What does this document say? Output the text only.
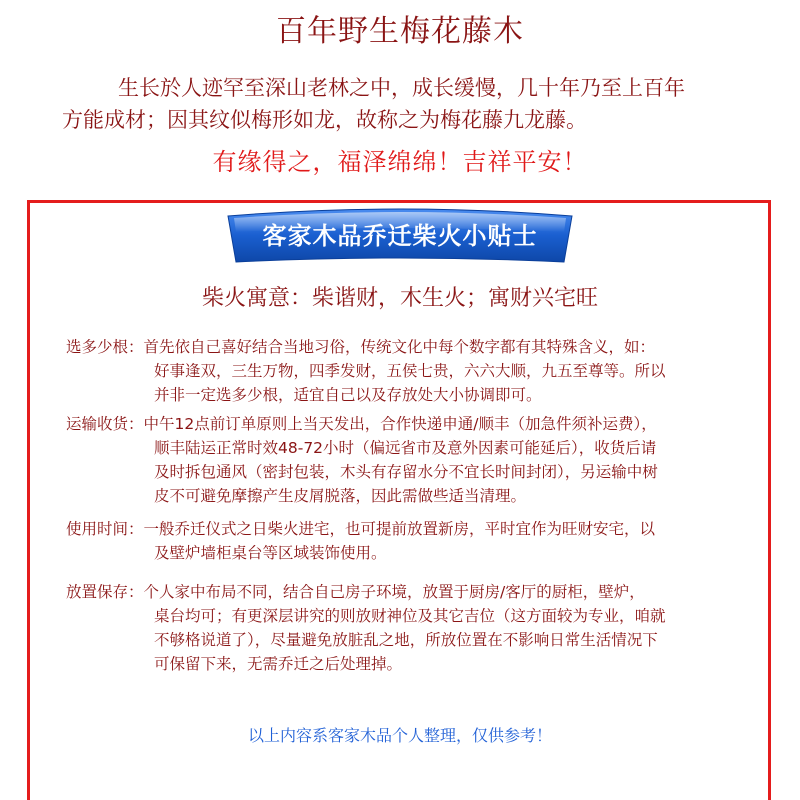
百年野生梅花藤木
生长於人迹罕至深山老林之中，成长缓慢，几十年乃至上百年
方能成材；因其纹似梅形如龙，故称之为梅花藤九龙藤。
有缘得之，福泽绵绵！吉祥平安！
客家木品乔迁柴火小贴士
柴火寓意：柴谐财，木生火；寓财兴宅旺
选多少根： 首先依自己喜好结合当地习俗，传统文化中每个数字都有其特殊含义，如：
好事逢双，三生万物，四季发财，五侯七贵，六六大顺，九五至尊等。所以
并非一定选多少根，适宜自己以及存放处大小协调即可。
运输收货： 中午12点前订单原则上当天发出，合作快递申通/顺丰（加急件须补运费），
顺丰陆运正常时效48-72小时（偏远省市及意外因素可能延后），收货后请
及时拆包通风（密封包装，木头有存留水分不宜长时间封闭），另运输中树
皮不可避免摩擦产生皮屑脱落，因此需做些适当清理。
使用时间： 一般乔迁仪式之日柴火进宅，也可提前放置新房，平时宜作为旺财安宅，以
及壁炉墙柜桌台等区域装饰使用。
放置保存： 个人家中布局不同，结合自己房子环境，放置于厨房/客厅的厨柜，壁炉，
桌台均可；有更深层讲究的则放财神位及其它吉位（这方面较为专业，咱就
不够格说道了），尽量避免放脏乱之地，所放位置在不影响日常生活情况下
可保留下来，无需乔迁之后处理掉。
以上内容系客家木品个人整理，仅供参考！
